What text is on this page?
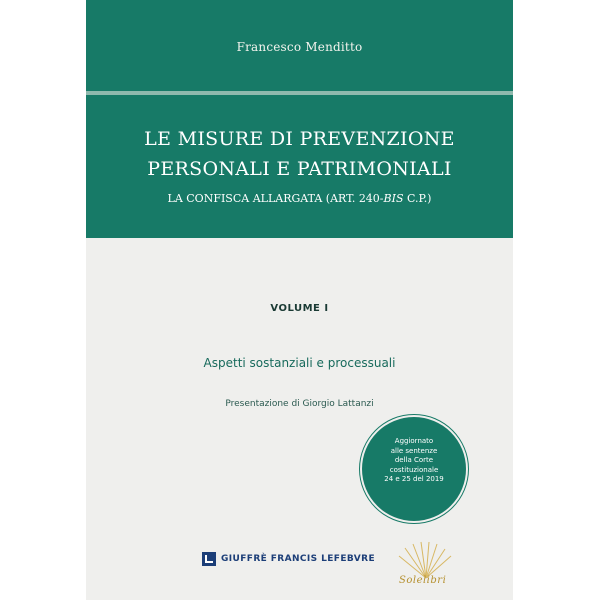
Francesco Menditto
LE MISURE DI PREVENZIONE
PERSONALI E PATRIMONIALI
LA CONFISCA ALLARGATA (ART. 240-BIS C.P.)
VOLUME I
Aspetti sostanziali e processuali
Presentazione di Giorgio Lattanzi
Aggiornato
alle sentenze
della Corte
costituzionale
24 e 25 del 2019
GIUFFRÈ FRANCIS LEFEBVRE
Solelibri
